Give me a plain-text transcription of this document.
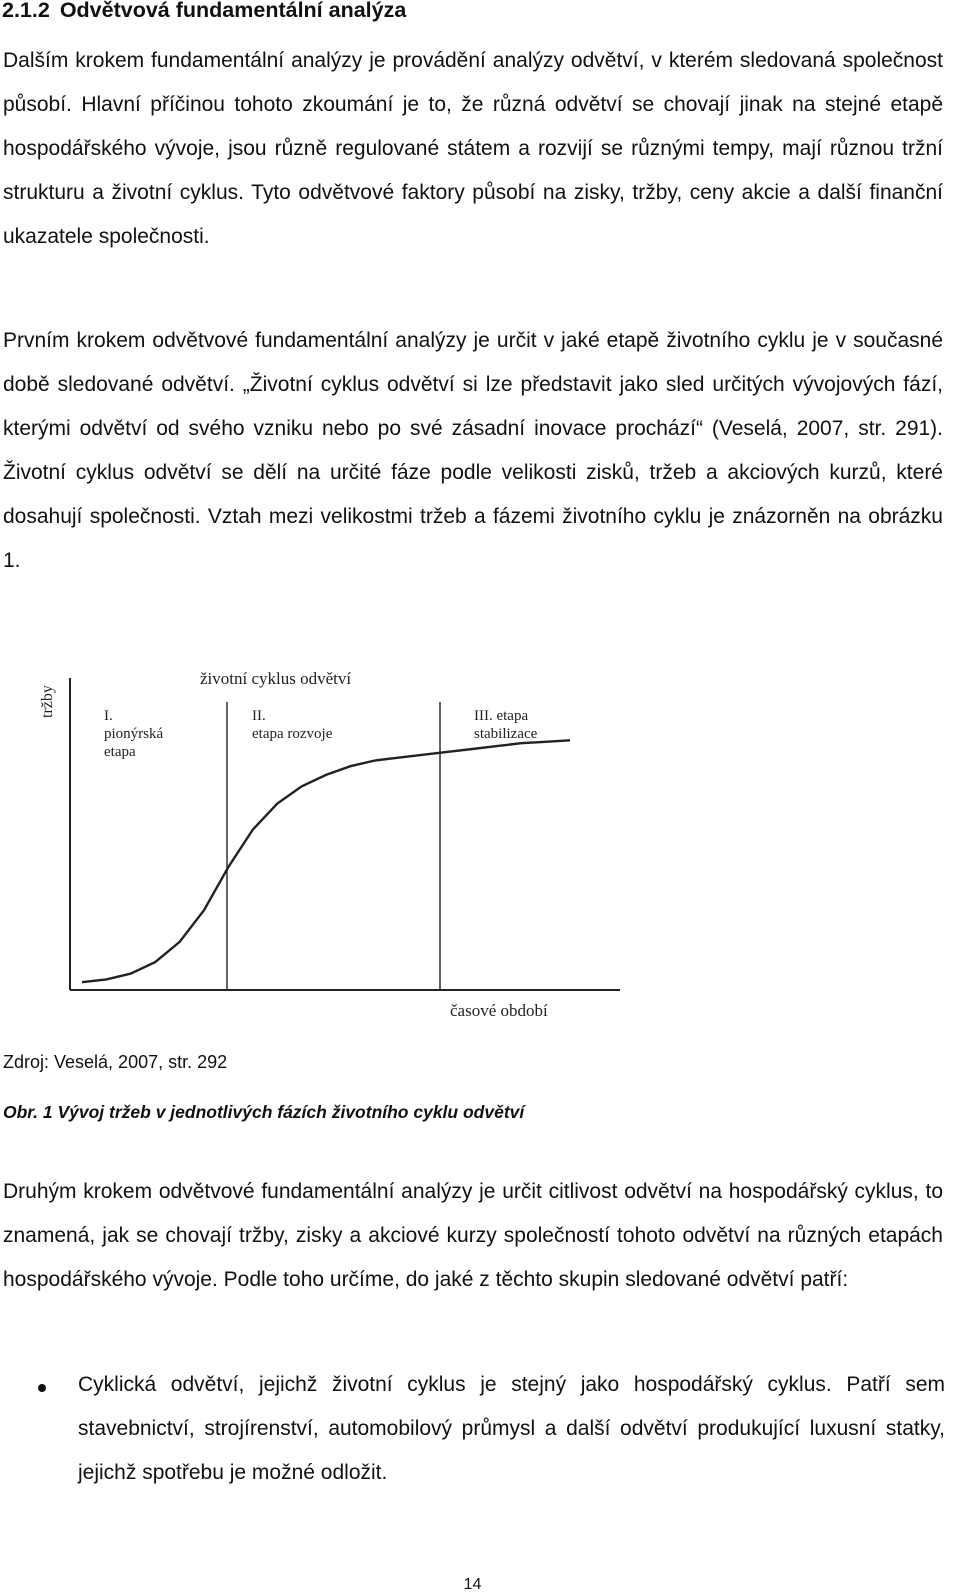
2.1.2 Odvětvová fundamentální analýza

Dalším krokem fundamentální analýzy je provádění analýzy odvětví, v kterém sledovaná společnost působí. Hlavní příčinou tohoto zkoumání je to, že různá odvětví se chovají jinak na stejné etapě hospodářského vývoje, jsou různě regulované státem a rozvijí se různými tempy, mají různou tržní strukturu a životní cyklus. Tyto odvětvové faktory působí na zisky, tržby, ceny akcie a další finanční ukazatele společnosti.

Prvním krokem odvětvové fundamentální analýzy je určit v jaké etapě životního cyklu je v současné době sledované odvětví. „Životní cyklus odvětví si lze představit jako sled určitých vývojových fází, kterými odvětví od svého vzniku nebo po své zásadní inovace prochází“ (Veselá, 2007, str. 291). Životní cyklus odvětví se dělí na určité fáze podle velikosti zisků, tržeb a akciových kurzů, které dosahují společnosti. Vztah mezi velikostmi tržeb a fázemi životního cyklu je znázorněn na obrázku 1.

životní cyklus odvětví
tržby	I. pionýrská etapa
II. etapa rozvoje
III. etapa stabilizace
časové období

Zdroj: Veselá, 2007, str. 292

Obr. 1 Vývoj tržeb v jednotlivých fázích životního cyklu odvětví

Druhým krokem odvětvové fundamentální analýzy je určit citlivost odvětví na hospodářský cyklus, to znamená, jak se chovají tržby, zisky a akciové kurzy společností tohoto odvětví na různých etapách hospodářského vývoje. Podle toho určíme, do jaké z těchto skupin sledované odvětví patří:

Cyklická odvětví, jejichž životní cyklus je stejný jako hospodářský cyklus. Patří sem stavebnictví, strojírenství, automobilový průmysl a další odvětví produkující luxusní statky, jejichž spotřebu je možné odložit.

14
